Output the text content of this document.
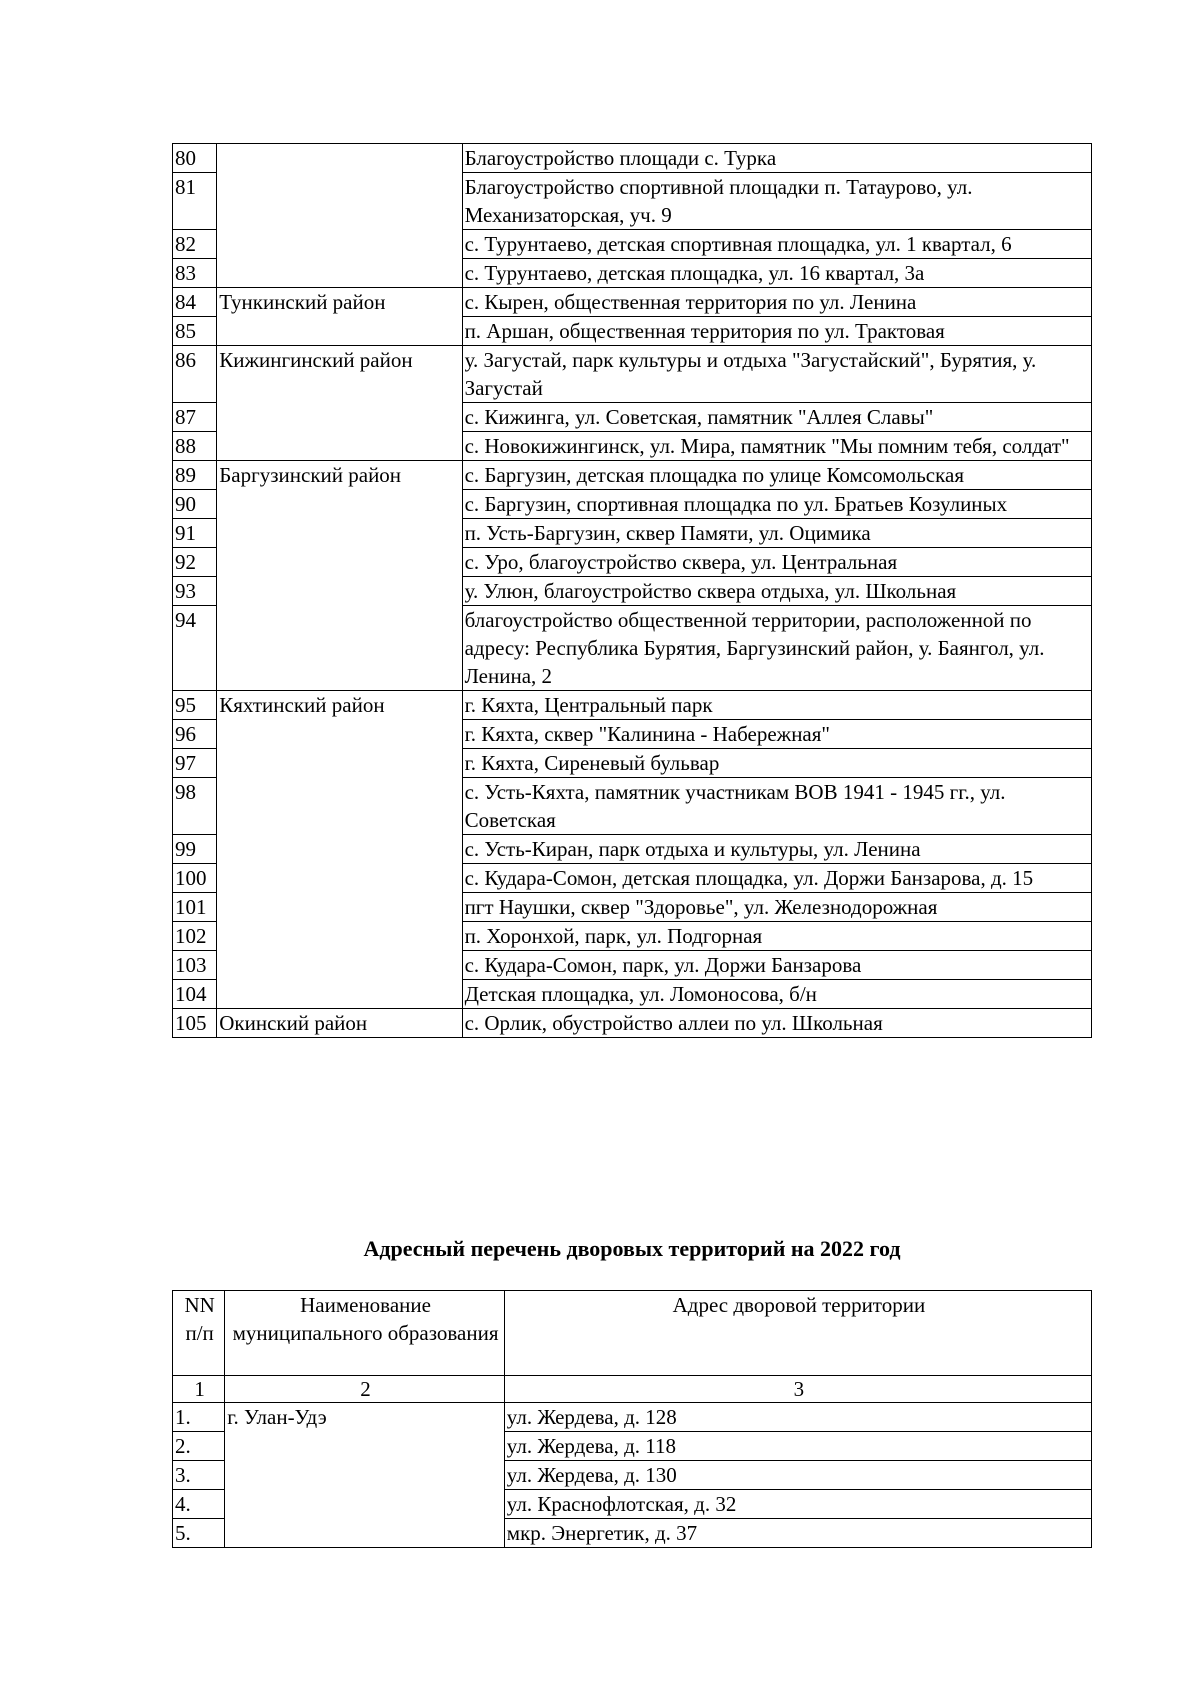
80		Благоустройство площади с. Турка
81		Благоустройство спортивной площадки п. Татаурово, ул. Механизаторская, уч. 9
82		с. Турунтаево, детская спортивная площадка, ул. 1 квартал, 6
83		с. Турунтаево, детская площадка, ул. 16 квартал, 3а
84	Тункинский район	с. Кырен, общественная территория по ул. Ленина
85		п. Аршан, общественная территория по ул. Трактовая
86	Кижингинский район	у. Загустай, парк культуры и отдыха "Загустайский", Бурятия, у. Загустай
87		с. Кижинга, ул. Советская, памятник "Аллея Славы"
88		с. Новокижингинск, ул. Мира, памятник "Мы помним тебя, солдат"
89	Баргузинский район	с. Баргузин, детская площадка по улице Комсомольская
90		с. Баргузин, спортивная площадка по ул. Братьев Козулиных
91		п. Усть-Баргузин, сквер Памяти, ул. Оцимика
92		с. Уро, благоустройство сквера, ул. Центральная
93		у. Улюн, благоустройство сквера отдыха, ул. Школьная
94		благоустройство общественной территории, расположенной по адресу: Республика Бурятия, Баргузинский район, у. Баянгол, ул. Ленина, 2
95	Кяхтинский район	г. Кяхта, Центральный парк
96		г. Кяхта, сквер "Калинина - Набережная"
97		г. Кяхта, Сиреневый бульвар
98		с. Усть-Кяхта, памятник участникам ВОВ 1941 - 1945 гг., ул. Советская
99		с. Усть-Киран, парк отдыха и культуры, ул. Ленина
100		с. Кудара-Сомон, детская площадка, ул. Доржи Банзарова, д. 15
101		пгт Наушки, сквер "Здоровье", ул. Железнодорожная
102		п. Хоронхой, парк, ул. Подгорная
103		с. Кудара-Сомон, парк, ул. Доржи Банзарова
104		Детская площадка, ул. Ломоносова, б/н
105	Окинский район	с. Орлик, обустройство аллеи по ул. Школьная
Адресный перечень дворовых территорий на 2022 год
NN п/п	Наименование муниципального образования	Адрес дворовой территории
1	2	3
1.	г. Улан-Удэ	ул. Жердева, д. 128
2.		ул. Жердева, д. 118
3.		ул. Жердева, д. 130
4.		ул. Краснофлотская, д. 32
5.		мкр. Энергетик, д. 37
